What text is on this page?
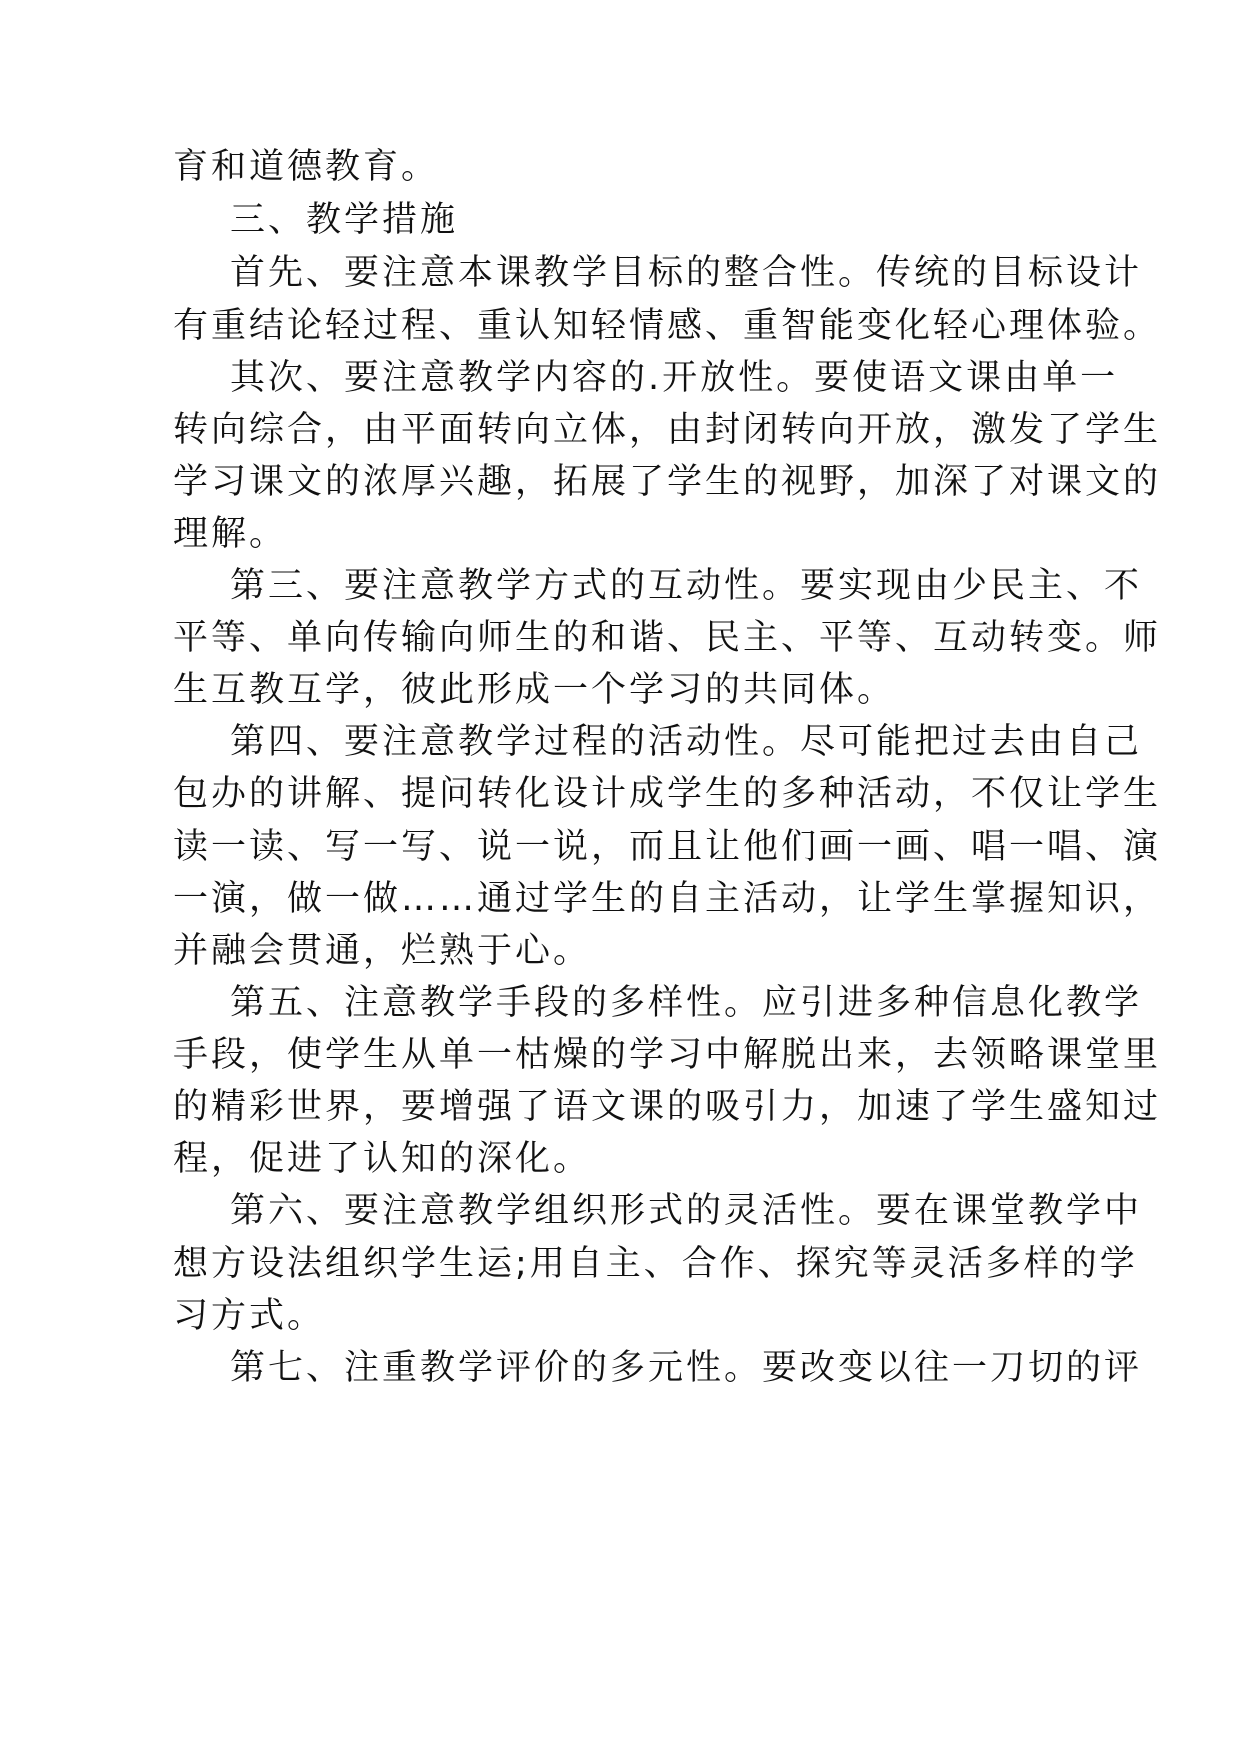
育和道德教育。

三、教学措施

首先、要注意本课教学目标的整合性。传统的目标设计

有重结论轻过程、重认知轻情感、重智能变化轻心理体验。

其次、要注意教学内容的.开放性。要使语文课由单一

转向综合，由平面转向立体，由封闭转向开放，激发了学生

学习课文的浓厚兴趣，拓展了学生的视野，加深了对课文的

理解。

第三、要注意教学方式的互动性。要实现由少民主、不

平等、单向传输向师生的和谐、民主、平等、互动转变。师

生互教互学，彼此形成一个学习的共同体。

第四、要注意教学过程的活动性。尽可能把过去由自己

包办的讲解、提问转化设计成学生的多种活动，不仅让学生

读一读、写一写、说一说，而且让他们画一画、唱一唱、演

一演，做一做……通过学生的自主活动，让学生掌握知识，

并融会贯通，烂熟于心。

第五、注意教学手段的多样性。应引进多种信息化教学

手段，使学生从单一枯燥的学习中解脱出来，去领略课堂里

的精彩世界，要增强了语文课的吸引力，加速了学生盛知过

程，促进了认知的深化。

第六、要注意教学组织形式的灵活性。要在课堂教学中

想方设法组织学生运;用自主、合作、探究等灵活多样的学

习方式。

第七、注重教学评价的多元性。要改变以往一刀切的评
